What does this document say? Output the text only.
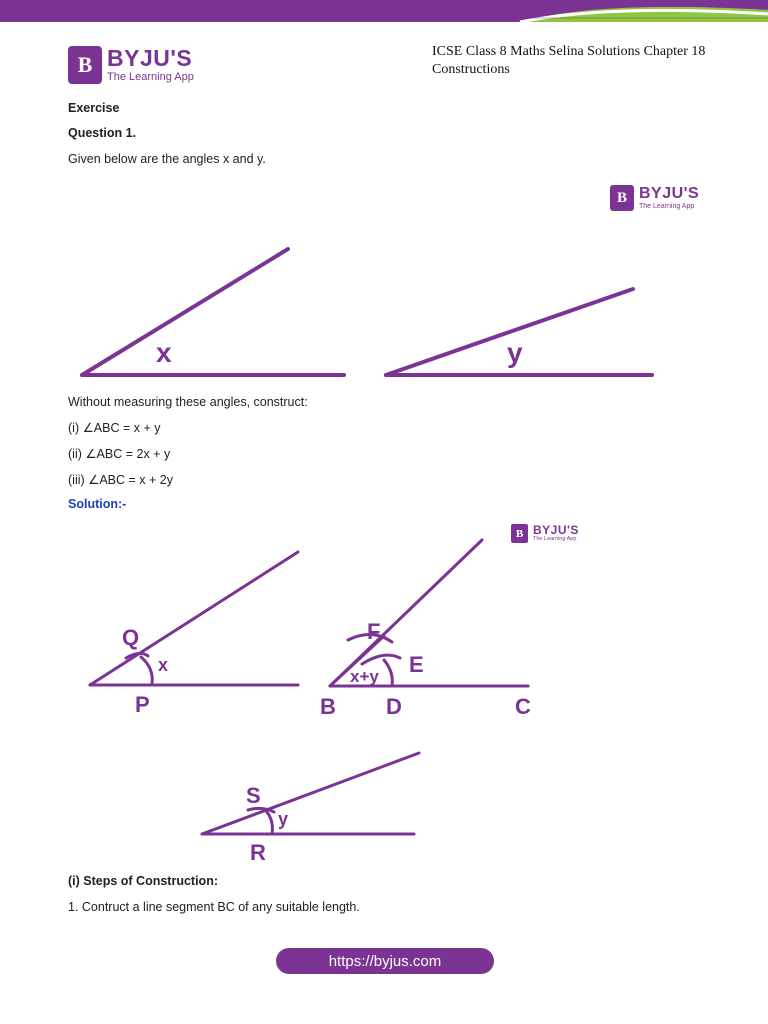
B BYJU'S
The Learning App
ICSE Class 8 Maths Selina Solutions Chapter 18 Constructions
Exercise
Question 1.
Given below are the angles x and y.
B BYJU'S
The Learning App
x	y
Without measuring these angles, construct:
(i) ∠ABC = x + y
(ii) ∠ABC = 2x + y
(iii) ∠ABC = x + 2y
Solution:-
B BYJU'S
The Learning App
Q
x
P
F
E
x+y
B D	C
S
y
R
(i) Steps of Construction:
1. Contruct a line segment BC of any suitable length.
https://byjus.com
